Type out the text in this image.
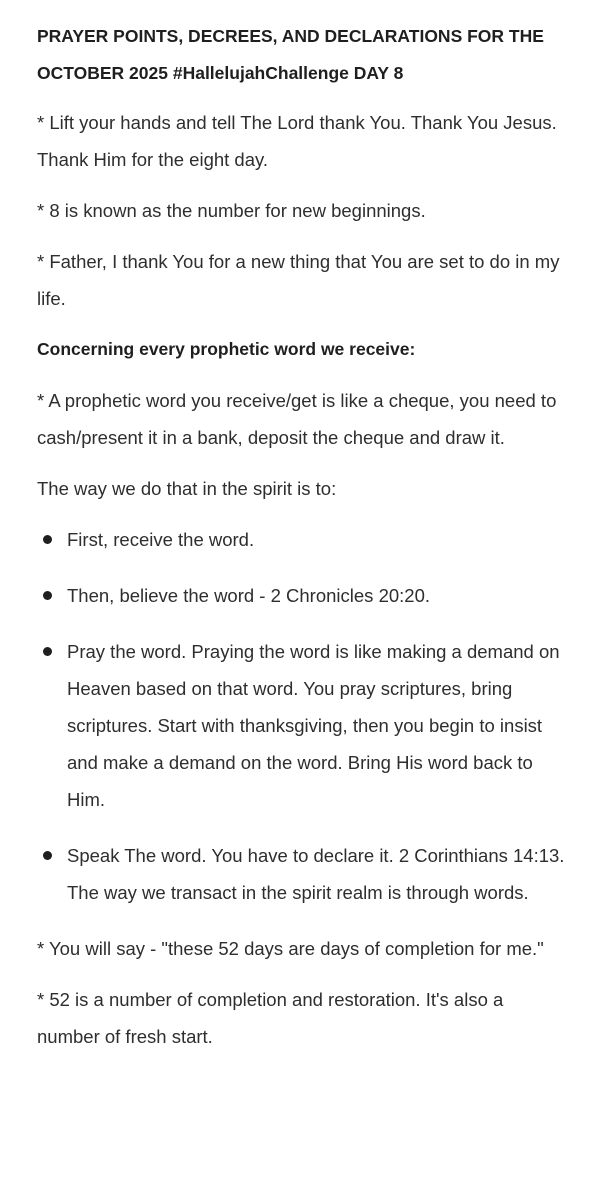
PRAYER POINTS, DECREES, AND DECLARATIONS FOR THE OCTOBER 2025 #HallelujahChallenge DAY 8

* Lift your hands and tell The Lord thank You. Thank You Jesus. Thank Him for the eight day.

* 8 is known as the number for new beginnings.

* Father, I thank You for a new thing that You are set to do in my life.

Concerning every prophetic word we receive:

* A prophetic word you receive/get is like a cheque, you need to cash/present it in a bank, deposit the cheque and draw it.

The way we do that in the spirit is to:

First, receive the word.
Then, believe the word - 2 Chronicles 20:20.
Pray the word. Praying the word is like making a demand on Heaven based on that word. You pray scriptures, bring scriptures. Start with thanksgiving, then you begin to insist and make a demand on the word. Bring His word back to Him.
Speak The word. You have to declare it. 2 Corinthians 14:13. The way we transact in the spirit realm is through words.

* You will say - "these 52 days are days of completion for me."

* 52 is a number of completion and restoration. It's also a number of fresh start.
